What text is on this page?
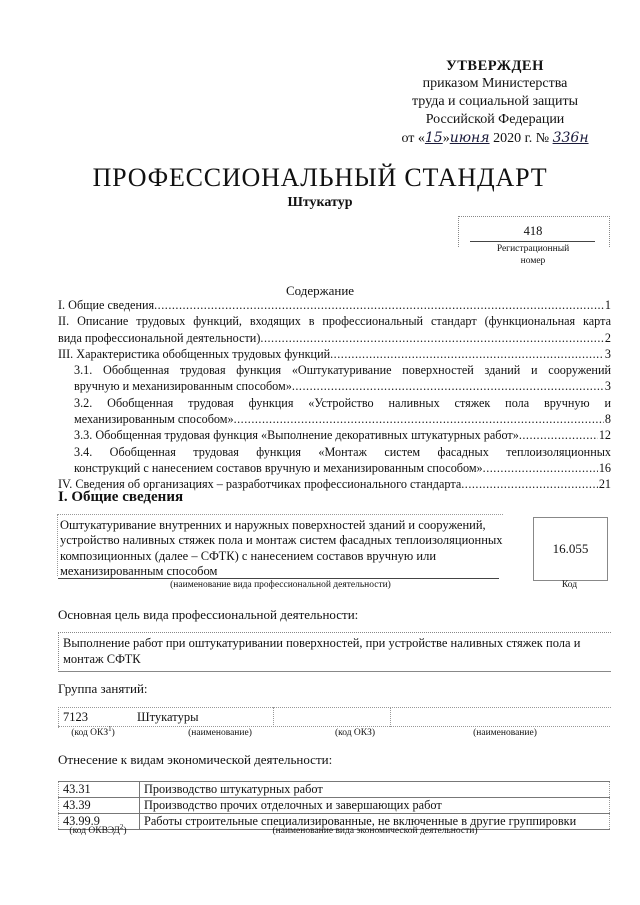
УТВЕРЖДЕН
приказом Министерства
труда и социальной защиты
Российской Федерации
от «15»июня 2020 г. № 336н
ПРОФЕССИОНАЛЬНЫЙ СТАНДАРТ
Штукатур
418
Регистрационный
номер
Содержание
I. Общие сведения .....	1
II. Описание трудовых функций, входящих в профессиональный стандарт (функциональная карта
вида профессиональной деятельности) .....	2
III. Характеристика обобщенных трудовых функций .....	3
3.1. Обобщенная трудовая функция «Оштукатуривание поверхностей зданий и сооружений
вручную и механизированным способом» .....	3
3.2. Обобщенная трудовая функция «Устройство наливных стяжек пола вручную и
механизированным способом» .....	8
3.3. Обобщенная трудовая функция «Выполнение декоративных штукатурных работ» .....	12
3.4. Обобщенная трудовая функция «Монтаж систем фасадных теплоизоляционных
конструкций с нанесением составов вручную и механизированным способом» .....	16
IV. Сведения об организациях – разработчиках профессионального стандарта .....	21
I. Общие сведения
Оштукатуривание внутренних и наружных поверхностей зданий и сооружений, устройство наливных стяжек пола и монтаж систем фасадных теплоизоляционных композиционных (далее – СФТК) с нанесением составов вручную или механизированным способом
(наименование вида профессиональной деятельности)
16.055
Код
Основная цель вида профессиональной деятельности:
Выполнение работ при оштукатуривании поверхностей, при устройстве наливных стяжек пола и монтаж СФТК
Группа занятий:
7123	Штукатуры
(код ОКЗ$^1$)	(наименование)	(код ОКЗ)	(наименование)
Отнесение к видам экономической деятельности:
43.31	Производство штукатурных работ
43.39	Производство прочих отделочных и завершающих работ
43.99.9	Работы строительные специализированные, не включенные в другие группировки
(код ОКВЭД$^2$)	(наименование вида экономической деятельности)
